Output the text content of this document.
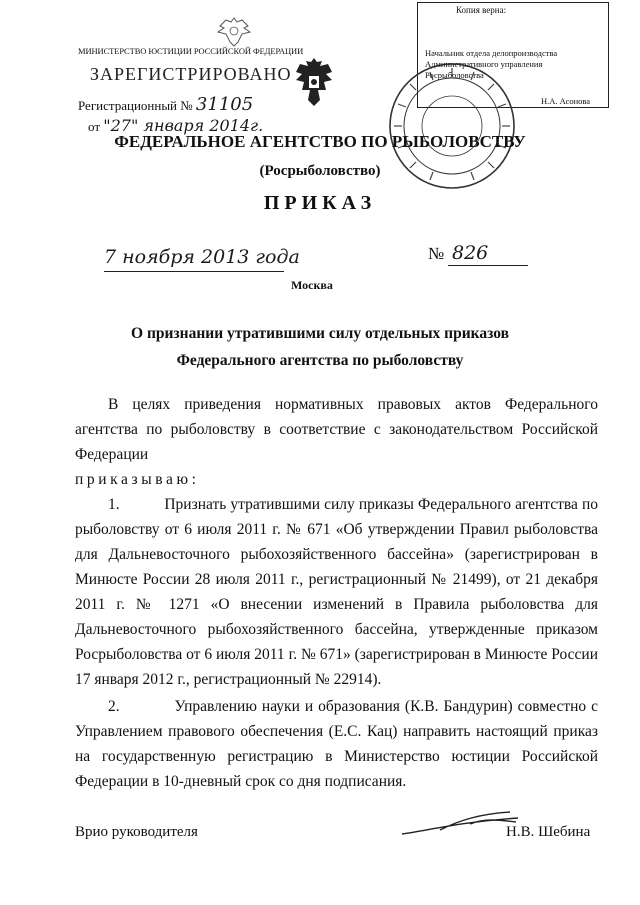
МИНИСТЕРСТВО ЮСТИЦИИ РОССИЙСКОЙ ФЕДЕРАЦИИ
ЗАРЕГИСТРИРОВАНО
Регистрационный № 31105
от "27" января 2014г.
Копия верна:
Начальник отдела делопроизводства
Административного управления
Росрыболовства
Н.А. Асонова
ФЕДЕРАЛЬНОЕ АГЕНТСТВО ПО РЫБОЛОВСТВУ
(Росрыболовство)
ПРИКАЗ
7 ноября 2013 года	№ 826
Москва
О признании утратившими силу отдельных приказов Федерального агентства по рыболовству

В целях приведения нормативных правовых актов Федерального агентства по рыболовству в соответствие с законодательством Российской Федерации

приказываю:

1.	Признать утратившими силу приказы Федерального агентства по рыболовству от 6 июля 2011 г. № 671 «Об утверждении Правил рыболовства для Дальневосточного рыбохозяйственного бассейна» (зарегистрирован в Минюсте России 28 июля 2011 г., регистрационный № 21499), от 21 декабря 2011 г. № 1271 «О внесении изменений в Правила рыболовства для Дальневосточного рыбохозяйственного бассейна, утвержденные приказом Росрыболовства от 6 июля 2011 г. № 671» (зарегистрирован в Минюсте России 17 января 2012 г., регистрационный № 22914).

2.	Управлению науки и образования (К.В. Бандурин) совместно с Управлением правового обеспечения (Е.С. Кац) направить настоящий приказ на государственную регистрацию в Министерство юстиции Российской Федерации в 10-дневный срок со дня подписания.

Врио руководителя	Н.В. Шебина
